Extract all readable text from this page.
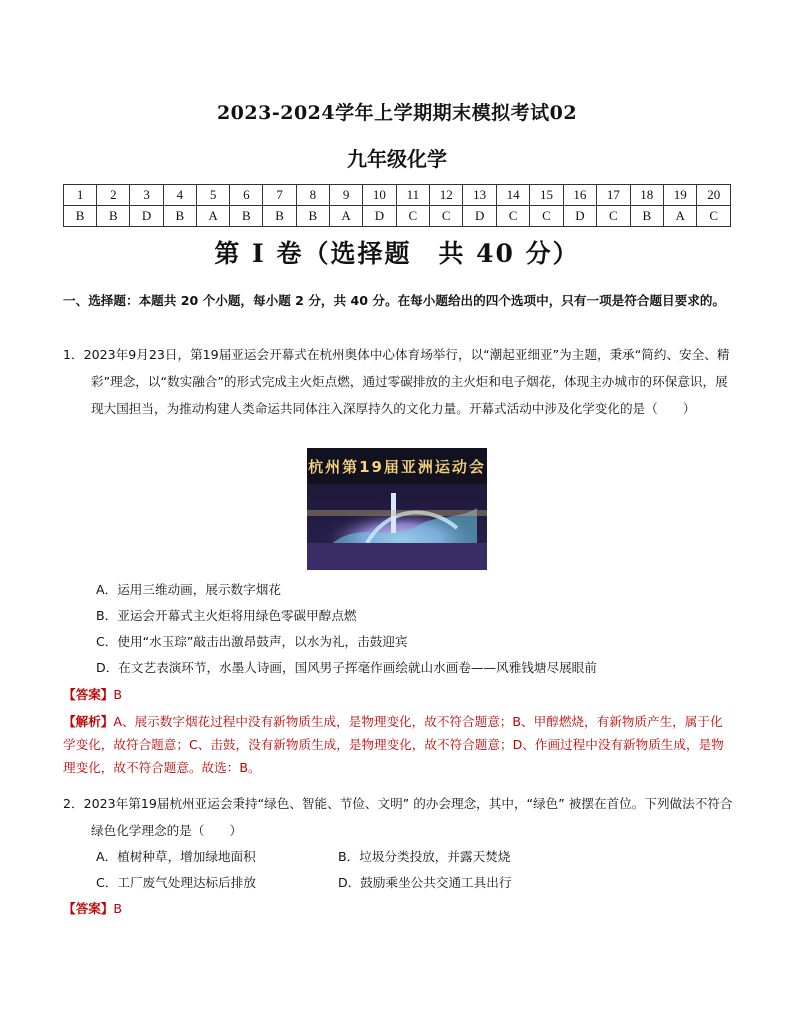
2023-2024学年上学期期末模拟考试02
九年级化学
1	2	3	4	5	6	7	8	9	10	11	12	13	14	15	16	17	18	19	20
B	B	D	B	A	B	B	B	A	D	C	C	D	C	C	D	C	B	A	C
第 I 卷（选择题　共 40 分）
一、选择题：本题共 20 个小题，每小题 2 分，共 40 分。在每小题给出的四个选项中，只有一项是符合题目要求的。
1．2023年9月23日，第19届亚运会开幕式在杭州奥体中心体育场举行，以“潮起亚细亚”为主题，秉承“简约、安全、精彩”理念，以“数实融合”的形式完成主火炬点燃，通过零碳排放的主火炬和电子烟花，体现主办城市的环保意识，展现大国担当，为推动构建人类命运共同体注入深厚持久的文化力量。开幕式活动中涉及化学变化的是（　　）
杭州第19届亚洲运动会
A．运用三维动画，展示数字烟花
B．亚运会开幕式主火炬将用绿色零碳甲醇点燃
C．使用“水玉琮”敲击出激昂鼓声，以水为礼，击鼓迎宾
D．在文艺表演环节，水墨人诗画，国风男子挥毫作画绘就山水画卷——风雅钱塘尽展眼前
【答案】B
【解析】A、展示数字烟花过程中没有新物质生成，是物理变化，故不符合题意；B、甲醇燃烧，有新物质产生，属于化学变化，故符合题意；C、击鼓，没有新物质生成，是物理变化，故不符合题意；D、作画过程中没有新物质生成，是物理变化，故不符合题意。故选：B。
2．2023年第19届杭州亚运会秉持“绿色、智能、节俭、文明” 的办会理念，其中，“绿色” 被摆在首位。下列做法不符合绿色化学理念的是（　　）
A．植树种草，增加绿地面积	B．垃圾分类投放，并露天焚烧
C．工厂废气处理达标后排放	D．鼓励乘坐公共交通工具出行
【答案】B
